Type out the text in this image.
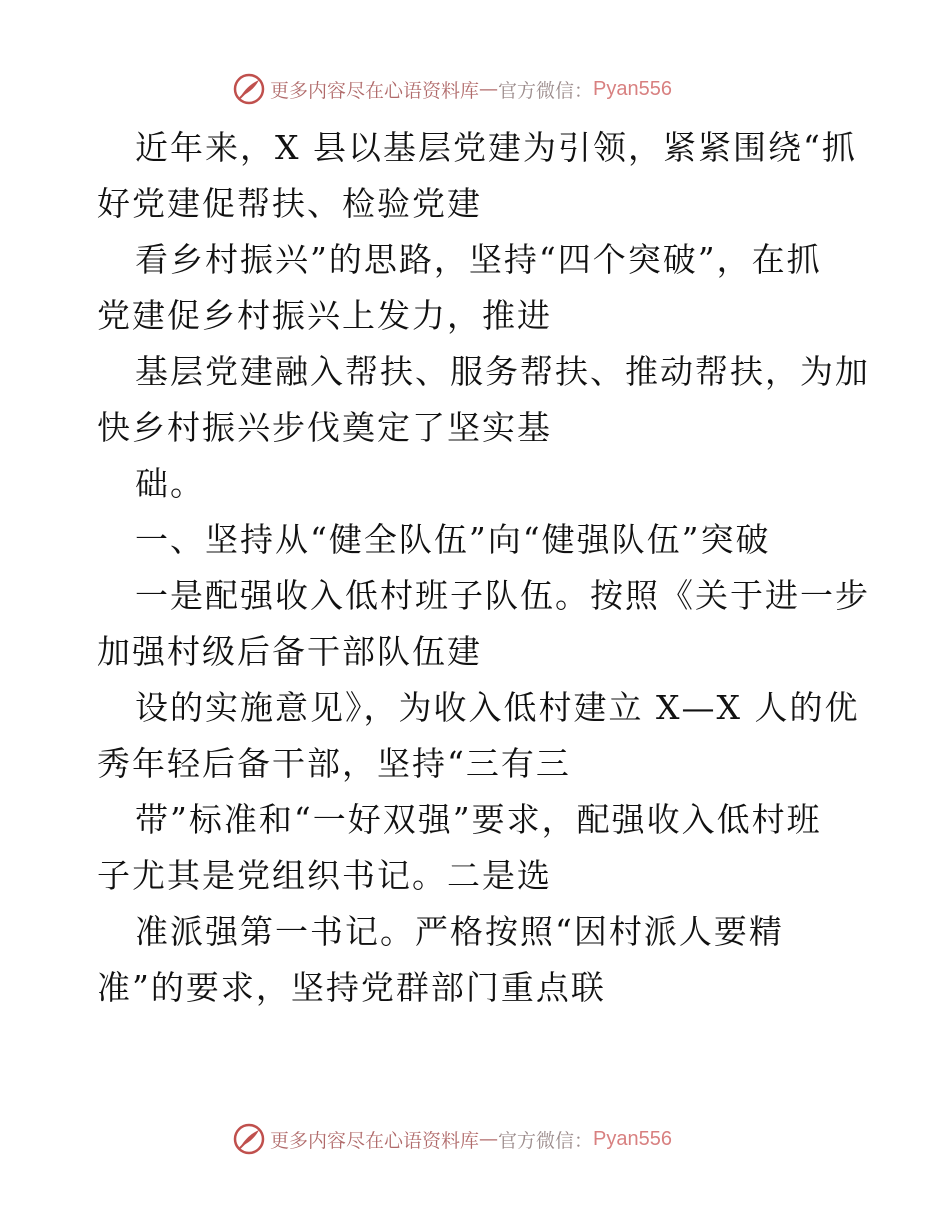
更多内容尽在心语资料库 — 官方微信： Pyan556
近年来，X 县以基层党建为引领，紧紧围绕“抓
好党建促帮扶、检验党建
看乡村振兴”的思路，坚持“四个突破”，在抓
党建促乡村振兴上发力，推进
基层党建融入帮扶、服务帮扶、推动帮扶，为加
快乡村振兴步伐奠定了坚实基
础。
一、坚持从“健全队伍”向“健强队伍”突破
一是配强收入低村班子队伍。按照《关于进一步
加强村级后备干部队伍建
设的实施意见》，为收入低村建立 X—X 人的优
秀年轻后备干部，坚持“三有三
带”标准和“一好双强”要求，配强收入低村班
子尤其是党组织书记。二是选
准派强第一书记。严格按照“因村派人要精
准”的要求，坚持党群部门重点联
更多内容尽在心语资料库 — 官方微信： Pyan556
